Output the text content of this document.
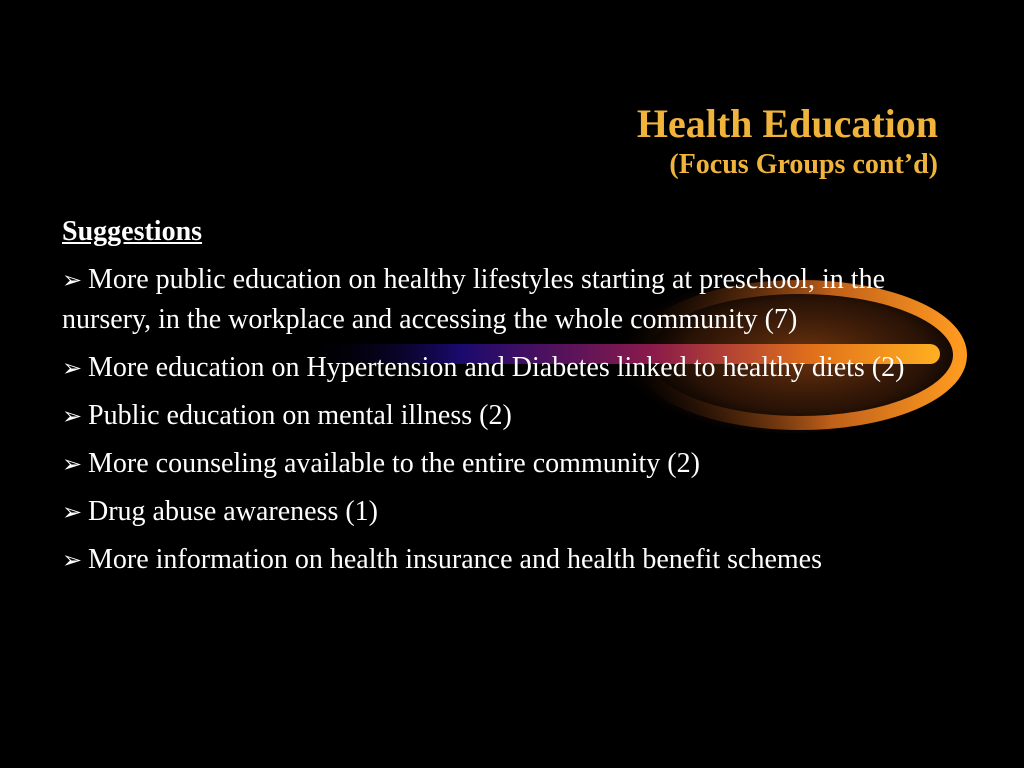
Health Education
(Focus Groups cont’d)
Suggestions
➢ More public education on healthy lifestyles starting at preschool, in the nursery, in the workplace and accessing the whole community (7)
➢ More education on Hypertension and Diabetes linked to healthy diets (2)
➢ Public education on mental illness (2)
➢ More counseling available to the entire community (2)
➢ Drug abuse awareness (1)
➢ More information on health insurance and health benefit schemes
